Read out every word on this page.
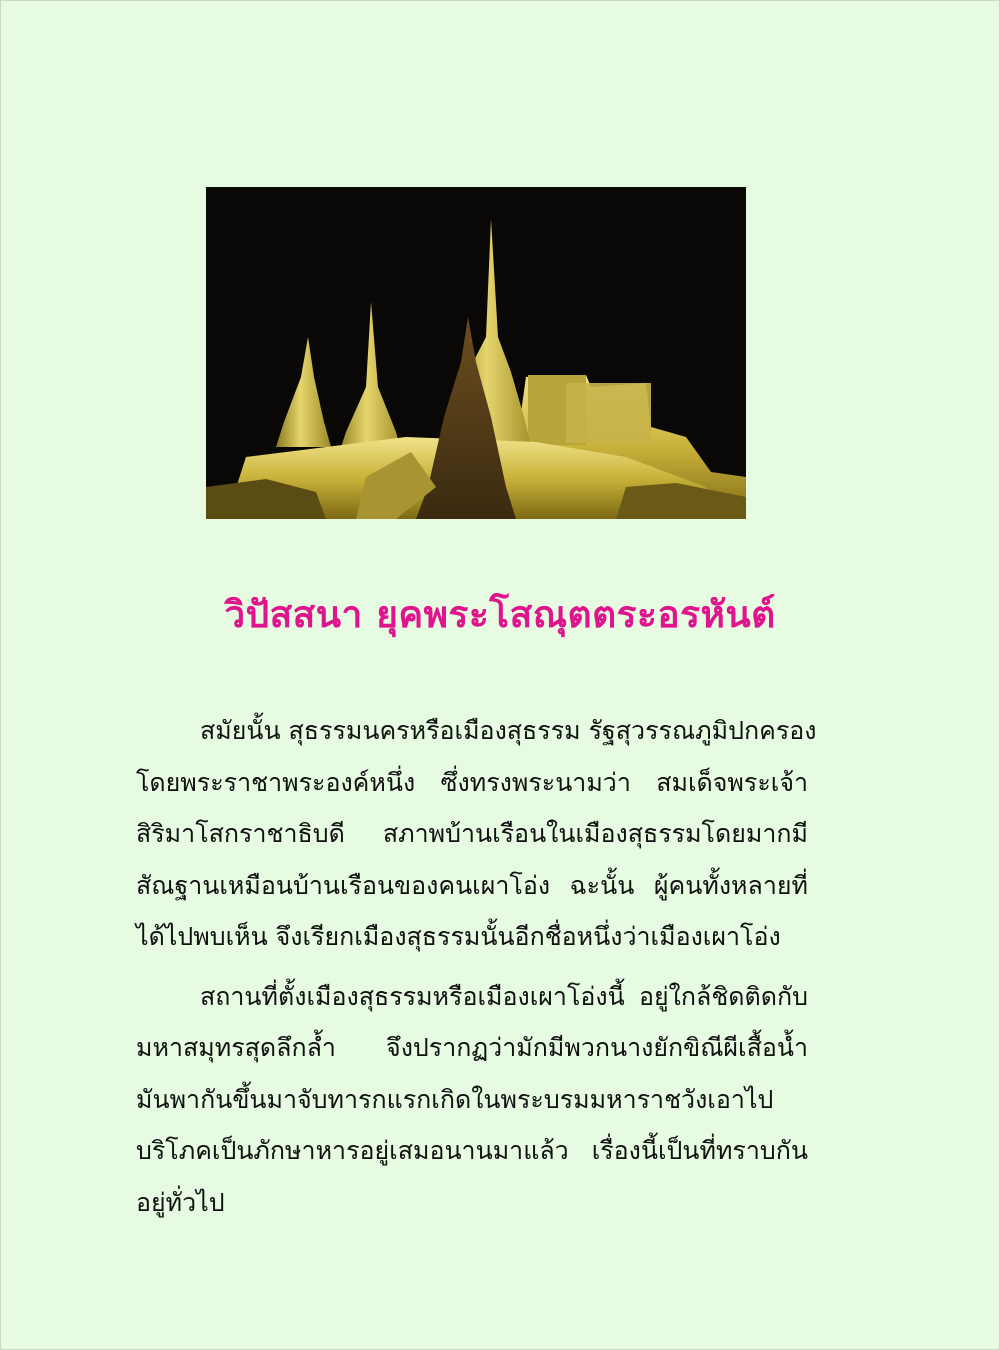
วิปัสสนา ยุคพระโสณุตตระอรหันต์
สมัยนั้น สุธรรมนครหรือเมืองสุธรรม รัฐสุวรรณภูมิปกครอง
โดยพระราชาพระองค์หนึ่ง ซึ่งทรงพระนามว่า สมเด็จพระเจ้า
สิริมาโสกราชาธิบดี สภาพบ้านเรือนในเมืองสุธรรมโดยมากมี
สัณฐานเหมือนบ้านเรือนของคนเผาโอ่ง ฉะนั้น ผู้คนทั้งหลายที่
ได้ไปพบเห็น จึงเรียกเมืองสุธรรมนั้นอีกชื่อหนึ่งว่าเมืองเผาโอ่ง
สถานที่ตั้งเมืองสุธรรมหรือเมืองเผาโอ่งนี้ อยู่ใกล้ชิดติดกับ
มหาสมุทรสุดลึกล้ำ จึงปรากฏว่ามักมีพวกนางยักขิณีผีเสื้อน้ำ
มันพากันขึ้นมาจับทารกแรกเกิดในพระบรมมหาราชวังเอาไป
บริโภคเป็นภักษาหารอยู่เสมอนานมาแล้ว เรื่องนี้เป็นที่ทราบกัน
อยู่ทั่วไป
